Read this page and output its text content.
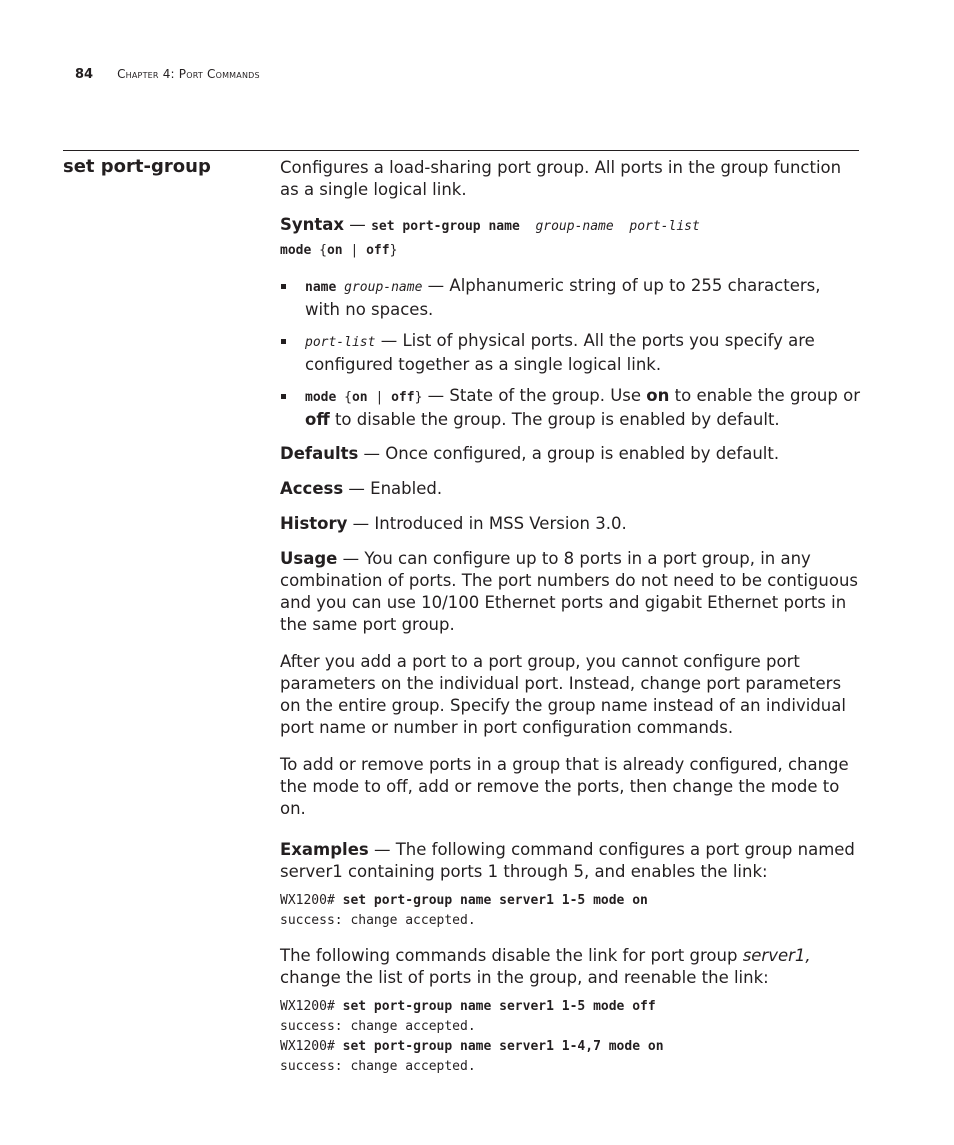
84 Chapter 4: Port Commands
set port-group	Configures a load-sharing port group. All ports in the group function as a single logical link.

Syntax — set port-group name group-name port-list
mode {on | off}

name group-name — Alphanumeric string of up to 255 characters, with no spaces.
port-list — List of physical ports. All the ports you specify are configured together as a single logical link.
mode {on | off} — State of the group. Use on to enable the group or off to disable the group. The group is enabled by default.

Defaults — Once configured, a group is enabled by default.

Access — Enabled.

History — Introduced in MSS Version 3.0.

Usage — You can configure up to 8 ports in a port group, in any combination of ports. The port numbers do not need to be contiguous and you can use 10/100 Ethernet ports and gigabit Ethernet ports in the same port group.

After you add a port to a port group, you cannot configure port parameters on the individual port. Instead, change port parameters on the entire group. Specify the group name instead of an individual port name or number in port configuration commands.

To add or remove ports in a group that is already configured, change the mode to off, add or remove the ports, then change the mode to on.

Examples — The following command configures a port group named server1 containing ports 1 through 5, and enables the link:

WX1200# set port-group name server1 1-5 mode on
success: change accepted.

The following commands disable the link for port group server1, change the list of ports in the group, and reenable the link:

WX1200# set port-group name server1 1-5 mode off
success: change accepted.
WX1200# set port-group name server1 1-4,7 mode on
success: change accepted.
